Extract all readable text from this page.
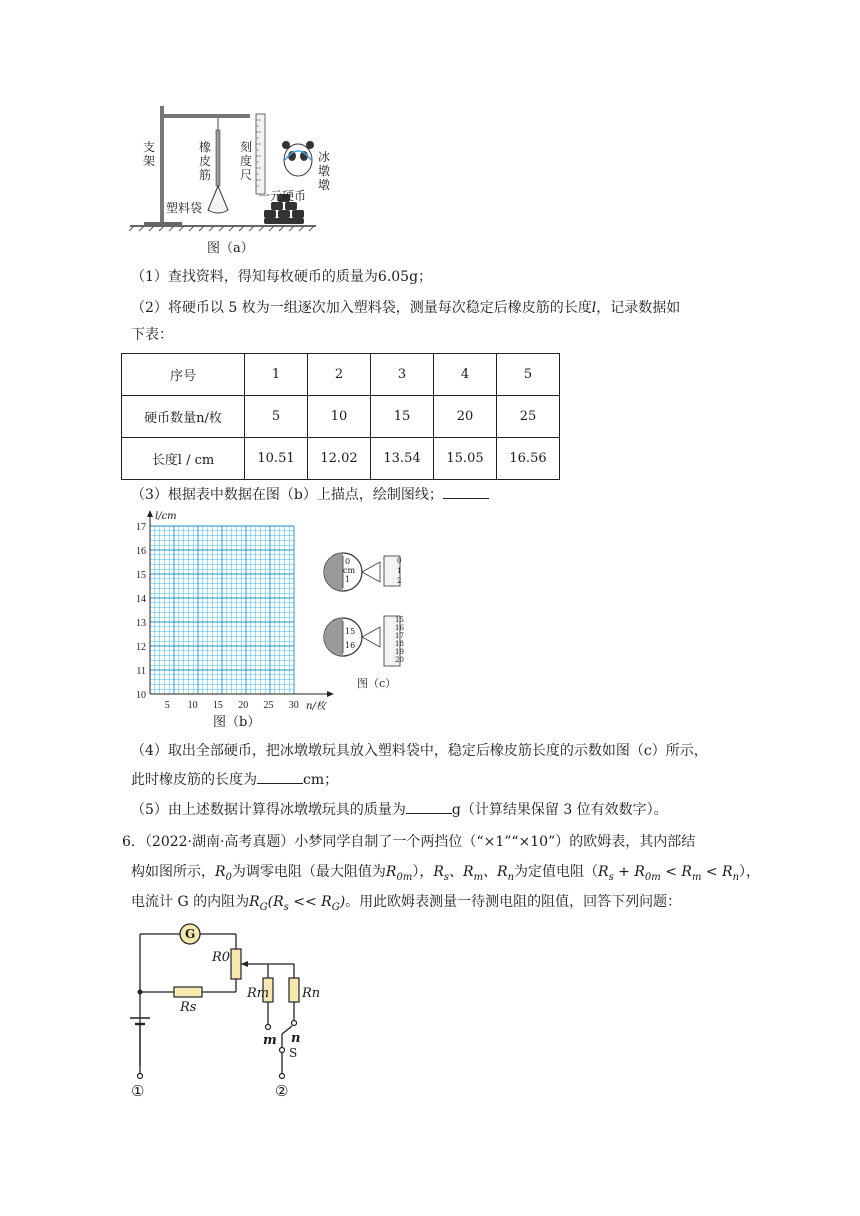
支架
橡皮筋
刻度尺
冰墩墩
塑料袋
一元硬币
图（a）
（1）查找资料，得知每枚硬币的质量为6.05g；
（2）将硬币以 5 枚为一组逐次加入塑料袋，测量每次稳定后橡皮筋的长度l，记录数据如
下表：
序号	1	2	3	4	5
硬币数量n/枚	5	10	15	20	25
长度l / cm	10.51	12.02	13.54	15.05	16.56
（3）根据表中数据在图（b）上描点，绘制图线；
10
11
12
13
14
15
16
17
5 10 15 20 25 30
l/cm
n/枚
图（b）
0
cm
1
0
1
2
15
16
15
16
17
18
19
20
图（c）
（4）取出全部硬币，把冰墩墩玩具放入塑料袋中，稳定后橡皮筋长度的示数如图（c）所示，
此时橡皮筋的长度为	cm；
（5）由上述数据计算得冰墩墩玩具的质量为	g（计算结果保留 3 位有效数字）。
6．（2022·湖南·高考真题）小梦同学自制了一个两挡位（“×1”“×10”）的欧姆表，其内部结
构如图所示，$R_0$为调零电阻（最大阻值为$R_{0m}$），$R_s$、$R_m$、$R_n$为定值电阻$(R_s + R_{0m} < R_m < R_n)$，
电流计 G 的内阻为$R_G(R_s << R_G)$。用此欧姆表测量一待测电阻的阻值，回答下列问题：
G
R0
Rs
Rm	Rn
m n
S
①	②
